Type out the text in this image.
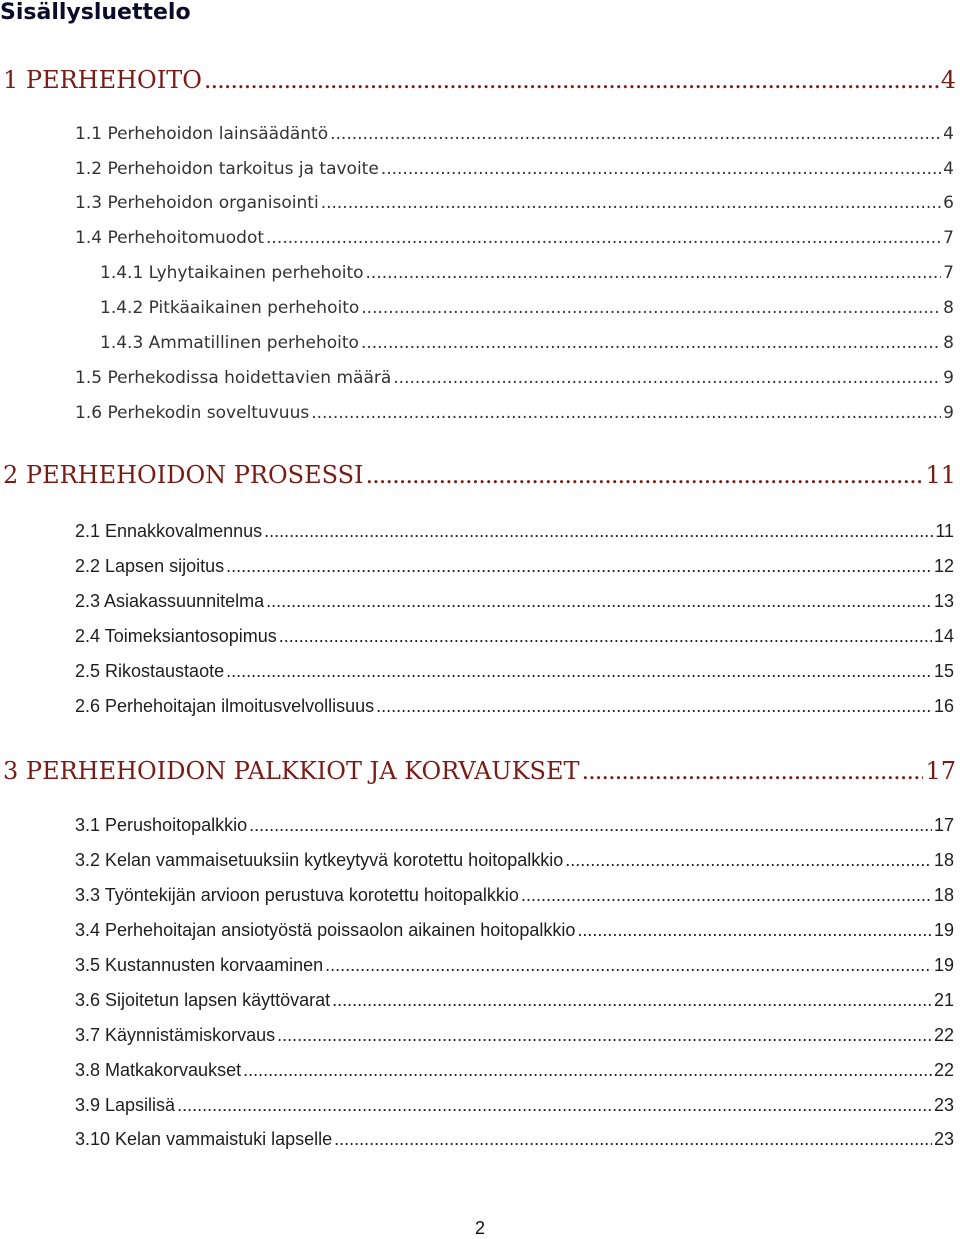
Sisällysluettelo
1 PERHEHOITO .....	4
1.1 Perhehoidon lainsäädäntö .....	4
1.2 Perhehoidon tarkoitus ja tavoite .....	4
1.3 Perhehoidon organisointi .....	6
1.4 Perhehoitomuodot .....	7
1.4.1 Lyhytaikainen perhehoito .....	7
1.4.2 Pitkäaikainen perhehoito .....	8
1.4.3 Ammatillinen perhehoito .....	8
1.5 Perhekodissa hoidettavien määrä .....	9
1.6 Perhekodin soveltuvuus .....	9
2 PERHEHOIDON PROSESSI .....	11
2.1 Ennakkovalmennus .....	11
2.2 Lapsen sijoitus .....	12
2.3 Asiakassuunnitelma .....	13
2.4 Toimeksiantosopimus .....	14
2.5 Rikostaustaote .....	15
2.6 Perhehoitajan ilmoitusvelvollisuus .....	16
3 PERHEHOIDON PALKKIOT JA KORVAUKSET .....	17
3.1 Perushoitopalkkio .....	17
3.2 Kelan vammaisetuuksiin kytkeytyvä korotettu hoitopalkkio .....	18
3.3 Työntekijän arvioon perustuva korotettu hoitopalkkio .....	18
3.4 Perhehoitajan ansiotyöstä poissaolon aikainen hoitopalkkio .....	19
3.5 Kustannusten korvaaminen .....	19
3.6 Sijoitetun lapsen käyttövarat .....	21
3.7 Käynnistämiskorvaus .....	22
3.8 Matkakorvaukset .....	22
3.9 Lapsilisä .....	23
3.10 Kelan vammaistuki lapselle .....	23
2
